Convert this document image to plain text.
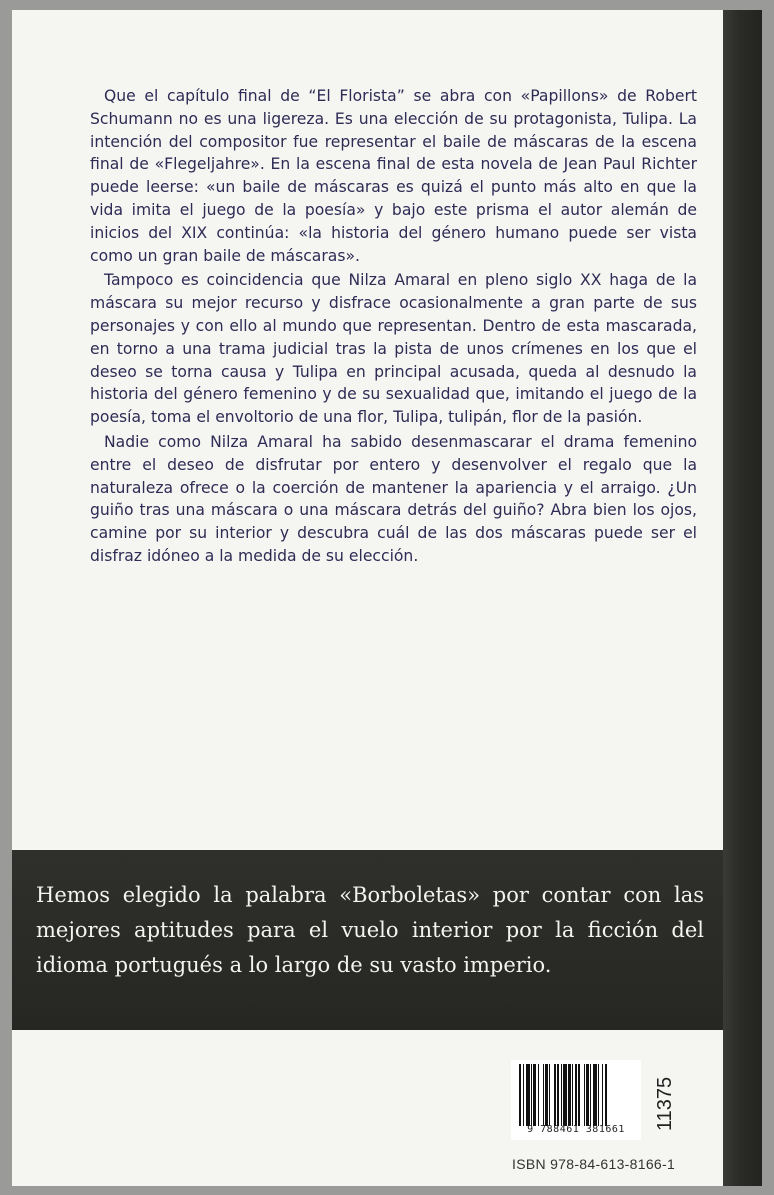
Que el capítulo final de “El Florista” se abra con «Papillons» de Robert Schumann no es una ligereza. Es una elección de su protagonista, Tulipa. La intención del compositor fue representar el baile de máscaras de la escena final de «Flegeljahre». En la escena final de esta novela de Jean Paul Richter puede leerse: «un baile de máscaras es quizá el punto más alto en que la vida imita el juego de la poesía» y bajo este prisma el autor alemán de inicios del XIX continúa: «la historia del género humano puede ser vista como un gran baile de máscaras».

Tampoco es coincidencia que Nilza Amaral en pleno siglo XX haga de la máscara su mejor recurso y disfrace ocasionalmente a gran parte de sus personajes y con ello al mundo que representan. Dentro de esta mascarada, en torno a una trama judicial tras la pista de unos crímenes en los que el deseo se torna causa y Tulipa en principal acusada, queda al desnudo la historia del género femenino y de su sexualidad que, imitando el juego de la poesía, toma el envoltorio de una flor, Tulipa, tulipán, flor de la pasión.

Nadie como Nilza Amaral ha sabido desenmascarar el drama femenino entre el deseo de disfrutar por entero y desenvolver el regalo que la naturaleza ofrece o la coerción de mantener la apariencia y el arraigo. ¿Un guiño tras una máscara o una máscara detrás del guiño? Abra bien los ojos, camine por su interior y descubra cuál de las dos máscaras puede ser el disfraz idóneo a la medida de su elección.

Hemos elegido la palabra «Borboletas» por contar con las mejores aptitudes para el vuelo interior por la ficción del idioma portugués a lo largo de su vasto imperio.
9 788461 381661	11375
ISBN 978-84-613-8166-1
